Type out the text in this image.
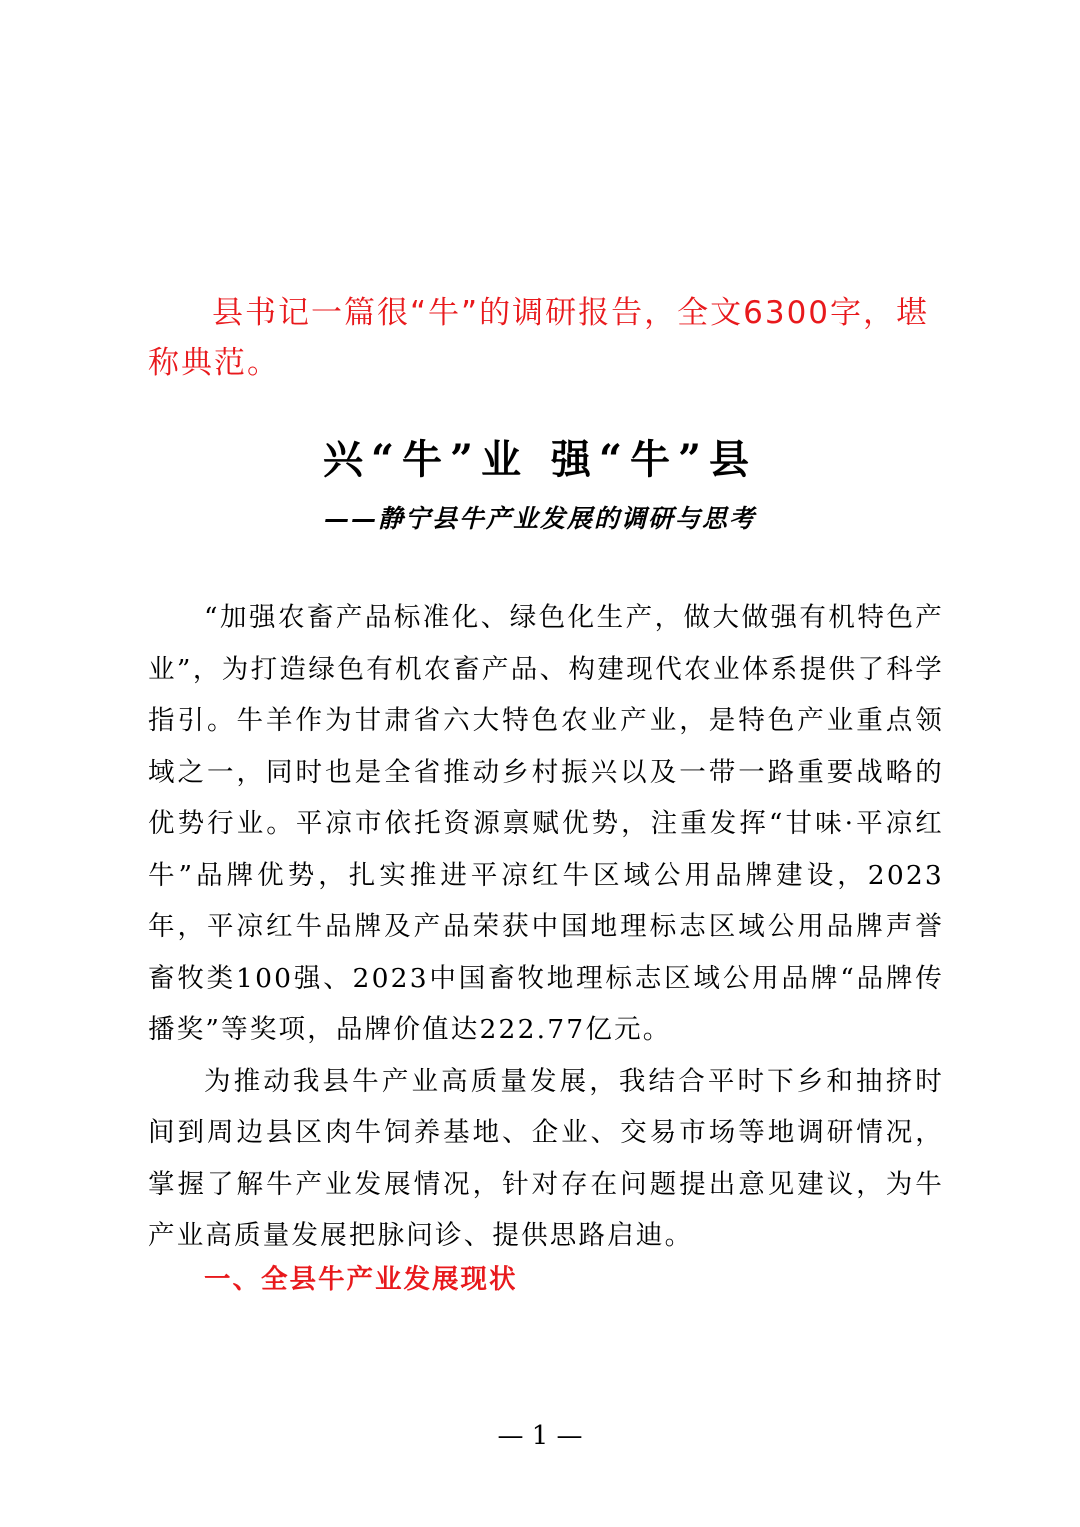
县书记一篇很“牛”的调研报告，全文6300字，堪称典范。

兴“牛”业 强“牛”县
——静宁县牛产业发展的调研与思考

“加强农畜产品标准化、绿色化生产，做大做强有机特色产业”，为打造绿色有机农畜产品、构建现代农业体系提供了科学指引。牛羊作为甘肃省六大特色农业产业，是特色产业重点领域之一，同时也是全省推动乡村振兴以及一带一路重要战略的优势行业。平凉市依托资源禀赋优势，注重发挥“甘味·平凉红牛”品牌优势，扎实推进平凉红牛区域公用品牌建设，2023年，平凉红牛品牌及产品荣获中国地理标志区域公用品牌声誉畜牧类100强、2023中国畜牧地理标志区域公用品牌“品牌传播奖”等奖项，品牌价值达222.77亿元。

为推动我县牛产业高质量发展，我结合平时下乡和抽挤时间到周边县区肉牛饲养基地、企业、交易市场等地调研情况，掌握了解牛产业发展情况，针对存在问题提出意见建议，为牛产业高质量发展把脉问诊、提供思路启迪。

一、全县牛产业发展现状
— 1 —
